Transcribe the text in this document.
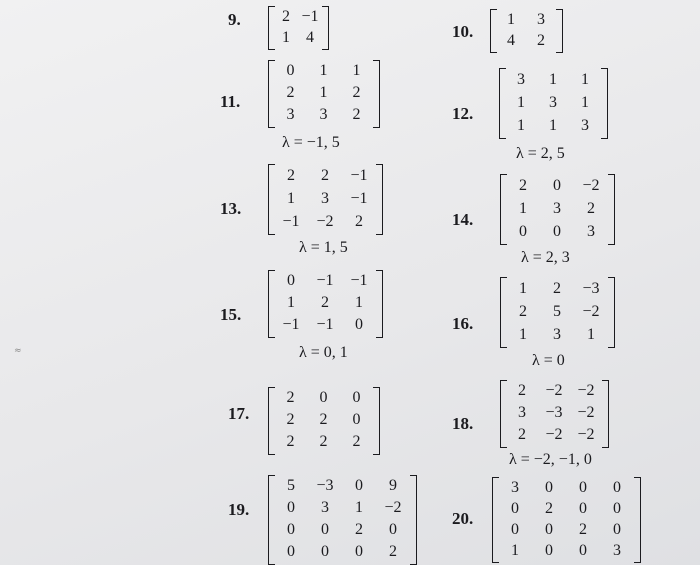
≈
9.	2 −1
1	4	10.
1	3
4	2
11.
0	1	1
2	1	2
3	3	2
λ = −1, 5
12.
3	1	1
1	3	1
1	1	3
λ = 2, 5
13.
2	2	−1
1	3	−1
−1	−2	2
λ = 1, 5
14.
2	0	−2
1	3	2
0	0	3
λ = 2, 3
15.
0	−1	−1
1	2	1
−1	−1	0
λ = 0, 1
16.
1	2	−3
2	5	−2
1	3	1
λ = 0
17.
2	0	0
2	2	0
2	2	2
18.
2	−2 −2
3	−3 −2
2	−2 −2
λ = −2, −1, 0
19.
5	−3	0	9
0	3	1	−2
0	0	2	0
0	0	0	2
20.
3	0	0	0
0	2	0	0
0	0	2	0
1	0	0	3
